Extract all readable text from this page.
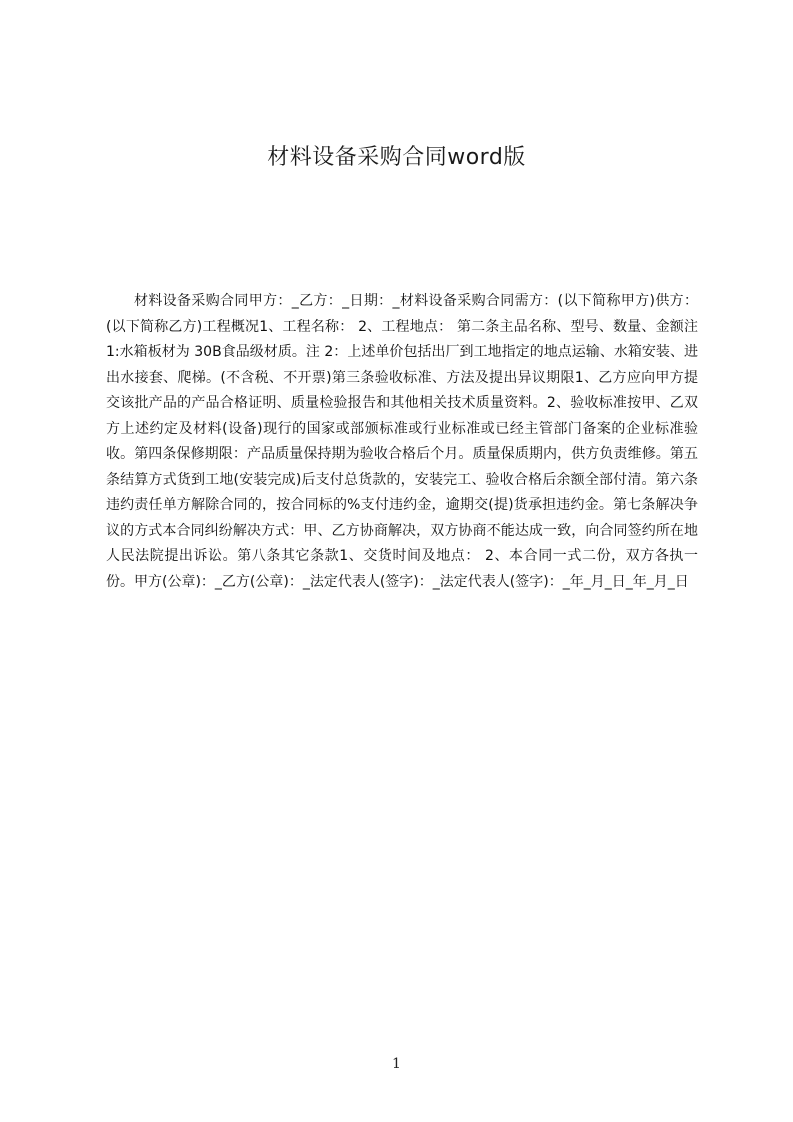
材料设备采购合同word版
材料设备采购合同甲方：_乙方：_日期：_材料设备采购合同需方：(以下简称甲方)供方：(以下简称乙方)工程概况1、工程名称： 2、工程地点： 第二条主品名称、型号、数量、金额注1:水箱板材为 30B食品级材质。注 2：上述单价包括出厂到工地指定的地点运输、水箱安装、进出水接套、爬梯。(不含税、不开票)第三条验收标准、方法及提出异议期限1、乙方应向甲方提交该批产品的产品合格证明、质量检验报告和其他相关技术质量资料。2、验收标准按甲、乙双方上述约定及材料(设备)现行的国家或部颁标准或行业标准或已经主管部门备案的企业标准验收。第四条保修期限：产品质量保持期为验收合格后个月。质量保质期内，供方负责维修。第五条结算方式货到工地(安装完成)后支付总货款的，安装完工、验收合格后余额全部付清。第六条违约责任单方解除合同的，按合同标的%支付违约金，逾期交(提)货承担违约金。第七条解决争议的方式本合同纠纷解决方式：甲、乙方协商解决，双方协商不能达成一致，向合同签约所在地人民法院提出诉讼。第八条其它条款1、交货时间及地点： 2、本合同一式二份，双方各执一份。甲方(公章)：_乙方(公章)：_法定代表人(签字)：_法定代表人(签字)：_年_月_日_年_月_日
1
